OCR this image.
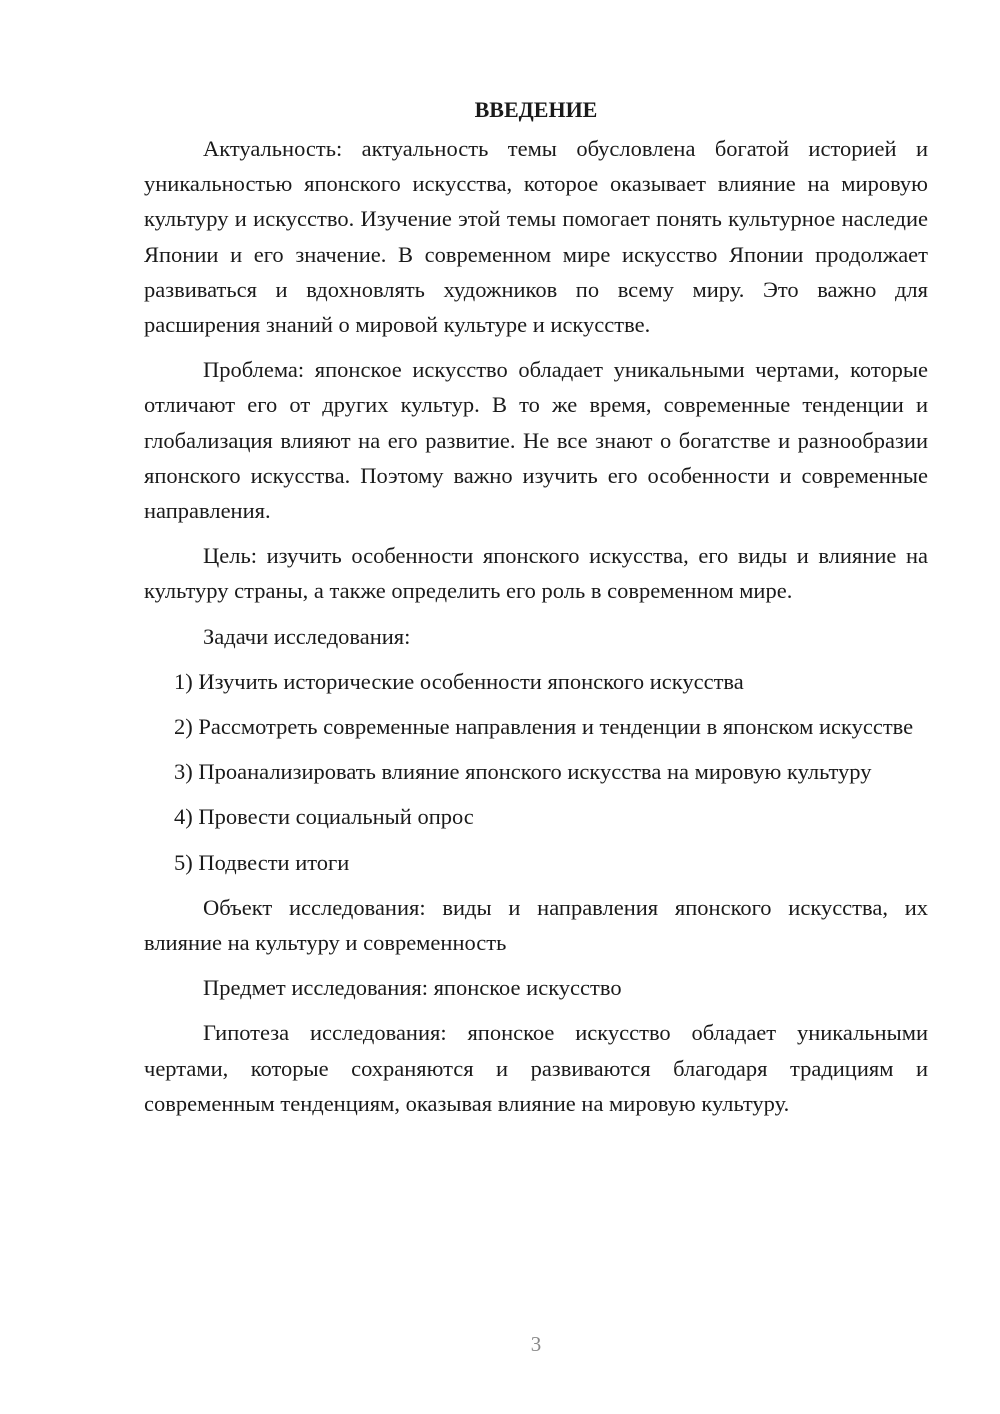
ВВЕДЕНИЕ

Актуальность: актуальность темы обусловлена богатой историей и уникальностью японского искусства, которое оказывает влияние на мировую культуру и искусство. Изучение этой темы помогает понять культурное наследие Японии и его значение. В современном мире искусство Японии продолжает развиваться и вдохновлять художников по всему миру. Это важно для расширения знаний о мировой культуре и искусстве.

Проблема: японское искусство обладает уникальными чертами, которые отличают его от других культур. В то же время, современные тенденции и глобализация влияют на его развитие. Не все знают о богатстве и разнообразии японского искусства. Поэтому важно изучить его особенности и современные направления.

Цель: изучить особенности японского искусства, его виды и влияние на культуру страны, а также определить его роль в современном мире.

Задачи исследования:

1) Изучить исторические особенности японского искусства

2) Рассмотреть современные направления и тенденции в японском искусстве

3) Проанализировать влияние японского искусства на мировую культуру

4) Провести социальный опрос

5) Подвести итоги

Объект исследования: виды и направления японского искусства, их влияние на культуру и современность

Предмет исследования: японское искусство

Гипотеза исследования: японское искусство обладает уникальными чертами, которые сохраняются и развиваются благодаря традициям и современным тенденциям, оказывая влияние на мировую культуру.

3
